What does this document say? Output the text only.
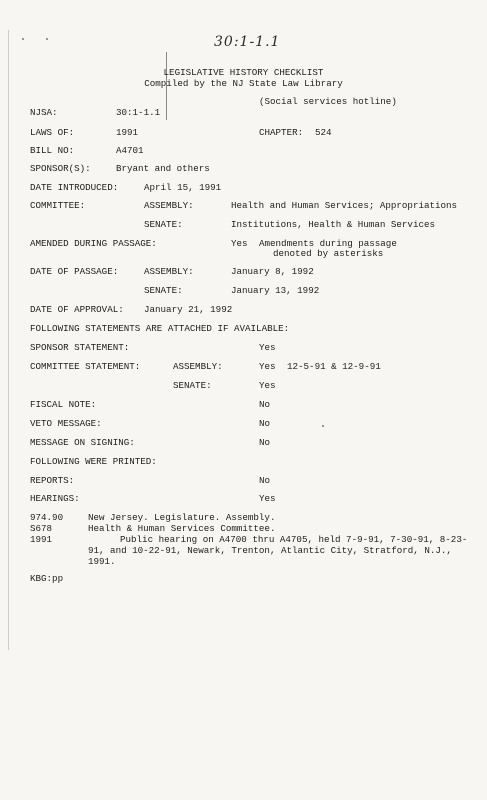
30:1-1.1
LEGISLATIVE HISTORY CHECKLIST
Compiled by the NJ State Law Library
(Social services hotline)
NJSA:	30:1-1.1
LAWS OF:	1991	CHAPTER: 524
BILL NO:	A4701
SPONSOR(S):	Bryant and others
DATE INTRODUCED:	April 15, 1991
COMMITTEE:	ASSEMBLY:	Health and Human Services; Appropriations
SENATE:	Institutions, Health & Human Services
AMENDED DURING PASSAGE:	Yes Amendments during passage
denoted by asterisks
DATE OF PASSAGE:	ASSEMBLY:	January 8, 1992
SENATE:	January 13, 1992
DATE OF APPROVAL: January 21, 1992
FOLLOWING STATEMENTS ARE ATTACHED IF AVAILABLE:
SPONSOR STATEMENT:	Yes
COMMITTEE STATEMENT:	ASSEMBLY:	Yes 12-5-91 & 12-9-91
SENATE:	Yes
FISCAL NOTE:	No
VETO MESSAGE:	No
MESSAGE ON SIGNING:	No
FOLLOWING WERE PRINTED:
REPORTS:	No
HEARINGS:	Yes
974.90	New Jersey. Legislature. Assembly.
S678	Health & Human Services Committee.
1991	Public hearing on A4700 thru A4705, held 7-9-91, 7-30-91, 8-23-91, and 10-22-91, Newark, Trenton, Atlantic City, Stratford, N.J., 1991.
KBG:pp
